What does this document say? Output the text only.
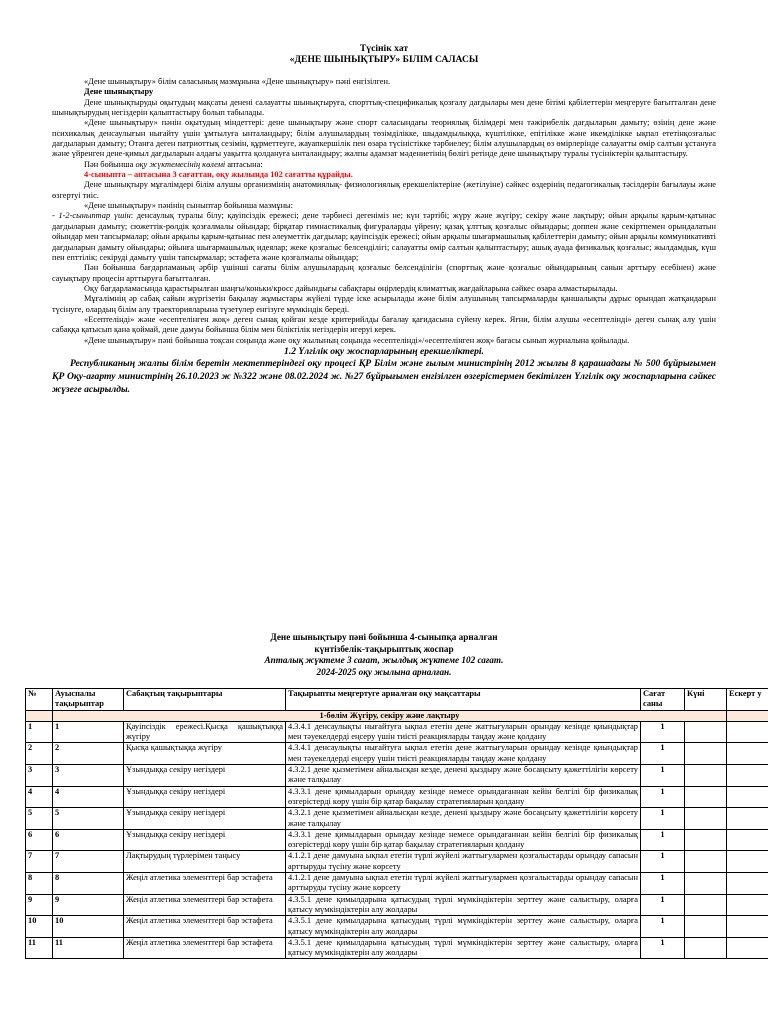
Түсінік хат
«ДЕНЕ ШЫНЫҚТЫРУ» БІЛІМ САЛАСЫ

«Дене шынықтыру» білім саласының мазмұнына «Дене шынықтыру» пәні енгізілген.

Дене шынықтыру

Дене шынықтыруды оқытудың мақсаты денені салауатты шынықтыруға, спорттық-спецификалық қозғалу дағдылары мен дене бітімі қабілеттерін меңгеруге бағытталған дене шынықтырудың негіздерін қалыптастыру болып табылады.

«Дене шынықтыру» пәнін оқытудың міндеттері: дене шынықтыру және спорт саласындағы теориялық білімдері мен тәжірибелік дағдыларын дамыту; өзінің дене және психикалық денсаулығын нығайту үшін ұмтылуға ынталандыру; білім алушылардың төзімділікке, шыдамдылыққа, күштілікке, епітілікке және икемділікке ықпал ететінқозғалыс дағдыларын дамыту; Отанға деген патриоттық сезімін, құрметтеуге, жауапкершілік пен өзара түсіністікке тәрбиелеу; білім алушылардың өз өмірлерінде салауатты өмір салтын ұстануға және үйренген дене-қимыл дағдыларын алдағы уақытта қолдануға ынталандыру; жалпы адамзат мәдениетінің бөлігі ретінде дене шынықтыру туралы түсініктерін қалыптастыру.

Пән бойынша оқу жүктемесінің көлемі аптасына:

4-сыныпта – аптасына 3 сағаттан, оқу жылында 102 сағатты құрайды.

Дене шынықтыру мұғалімдері білім алушы организмінің анатомиялық- физиологиялық ерекшеліктеріне (жетілуіне) сәйкес өздерінің педагогикалық тәсілдерін бағылауы және өзгертуі тиіс.

«Дене шынықтыру» пәнінің сыныптар бойынша мазмұны:

- 1-2-сыныптар үшін: денсаулық туралы білу; қауіпсіздік ережесі; дене тәрбиесі дегеніміз не; күн тәртібі; жүру және жүгіру; секіру және лақтыру; ойын арқылы қарым-қатынас дағдыларын дамыту; сюжеттік-рөлдік қозғалмалы ойындар; бірқатар гимнастикалық фигураларды үйрену; қазақ ұлттық қозғалыс ойындары; доппен және секіртпемен орындалатын ойындар мен тапсырмалар; ойын арқылы қарым-қатынас пен әлеуметтік дағдылар; қауіпсіздік ережесі; ойын арқылы шығармашылық қабілеттерін дамыту; ойын арқылы коммуникативті дағдыларын дамыту ойындары; ойынға шығармашылық идеялар; жеке қозғалыс белсенділігі; салауатты өмір салтын қалыптастыру; ашық ауада физикалық қозғалыс; жылдамдық, күш пен епттілік; секірудi дамыту үшін тапсырмалар; эстафета және қозғалмалы ойындар;

Пән бойынша бағдарламаның әрбір үшінші сағаты білім алушылардың қозғалыс белсенділігін (спорттық және қозғалыс ойындарының санын арттыру есебінен) және сауықтыру процесін арттыруға бағытталған.

Оқу бағдарламасында қарастырылған шаңғы/коньки/кросс дайындығы сабақтары өңірлердің климаттық жағдайларына сәйкес өзара алмастырылады.

Мұғалімнің әр сабақ сайын жүргізетін бақылау жұмыстары жүйелі түрде іске асырылады және білім алушының тапсырмаларды қаншалықты дұрыс орындап жатқандарын түсінуге, олардың білім алу траекторияларына түзетулер енгізуге мүмкіндік береді.

«Есептелінді» және «есептелінген жоқ» деген сынақ қойған кезде критерийлды бағалау қағидасына сүйену керек. Яғни, білім алушы «есептелінді» деген сынақ алу үшін сабаққа қатысып қана қоймай, дене дамуы бойынша білім мен біліктілік негіздерін игеруі керек.

«Дене шынықтыру» пәні бойынша тоқсан соңында және оқу жылының соңында «есептелінді»/«есептелінген жоқ» бағасы сынып журналына қойылады.

1.2 Үлгілік оқу жоспарларының ерекшеліктері.

Республиканың жалпы білім беретін мектептеріндегі оқу процесі ҚР Білім және ғылым министрінің 2012 жылғы 8 қарашадағы № 500 бұйрығымен ҚР Оқу-ағарту министрінің 26.10.2023 ж №322 және 08.02.2024 ж. №27 бұйрығымен енгізілген өзгерістермен бекітілген Үлгілік оқу жоспарларына сәйкес жүзеге асырылды.

Дене шынықтыру пәні бойынша 4-сыныпқа арналған
күнтізбелік-тақырыптық жоспар
Апталық жүктеме 3 сағат, жылдық жүктеме 102 сағат.
2024-2025 оқу жылына арналған.
№	Ауыспалы тақырыптар	Сабақтың тақырыптары	Тақырыпты меңгертуге арналған оқу мақсаттары	Сағат саны	Күні	Ескерт у
	1-бөлім Жүгіру, секіру және лақтыру					
1	1	Қауіпсіздік ережесі.Қысқа қашықтыққа жүгіру	4.3.4.1 денсаулықты нығайтуға ықпал ететін дене жаттығуларын орындау кезінде қиындықтар мен тәуекелдерді еңсеру үшін тиісті реакцияларды таңдау және қолдану	1		
2	2	Қысқа қашықтыққа жүгіру	4.3.4.1 денсаулықты нығайтуға ықпал ететін дене жаттығуларын орындау кезінде қиындықтар мен тәуекелдерді еңсеру үшін тиісті реакцияларды таңдау және қолдану	1		
3	3	Ұзындыққа секіру негіздері	4.3.2.1 дене қызметімен айналысқан кезде, денені қыздыру және босаңсыту қажеттілігін көрсету және талқылау	1		
4	4	Ұзындыққа секіру негіздері	4.3.3.1 дене қимылдарын орындау кезінде немесе орындағаннан кейін белгілі бір физикалық өзгерістерді көру үшін бір қатар бақылау стратегияларын қолдану	1		
5	5	Ұзындыққа секіру негіздері	4.3.2.1 дене қызметімен айналысқан кезде, денені қыздыру және босаңсыту қажеттілігін көрсету және талқылау	1		
6	6	Ұзындыққа секіру негіздері	4.3.3.1 дене қимылдарын орындау кезінде немесе орындағаннан кейін белгілі бір физикалық өзгерістерді көру үшін бір қатар бақылау стратегияларын қолдану	1		
7	7	Лақтырудың түрлерімен таңысу	4.1.2.1 дене дамуына ықпал ететін түрлі жүйелі жаттығулармен қозғалыстарды орындау сапасын арттыруды түсіну және көрсету	1		
8	8	Жеңіл атлетика элементтері бар эстафета	4.1.2.1 дене дамуына ықпал ететін түрлі жүйелі жаттығулармен қозғалыстарды орындау сапасын арттыруды түсіну және көрсету	1		
9	9	Жеңіл атлетика элементтері бар эстафета	4.3.5.1 дене қимылдарына қатысудың түрлі мүмкіндіктерін зерттеу және салыстыру, оларға қатысу мүмкіндіктерін алу жолдары	1		
10	10	Жеңіл атлетика элементтері бар эстафета	4.3.5.1 дене қимылдарына қатысудың түрлі мүмкіндіктерін зерттеу және салыстыру, оларға қатысу мүмкіндіктерін алу жолдары	1		
11	11	Жеңіл атлетика элементтері бар эстафета	4.3.5.1 дене қимылдарына қатысудың түрлі мүмкіндіктерін зерттеу және салыстыру, оларға қатысу мүмкіндіктерін алу жолдары	1		
